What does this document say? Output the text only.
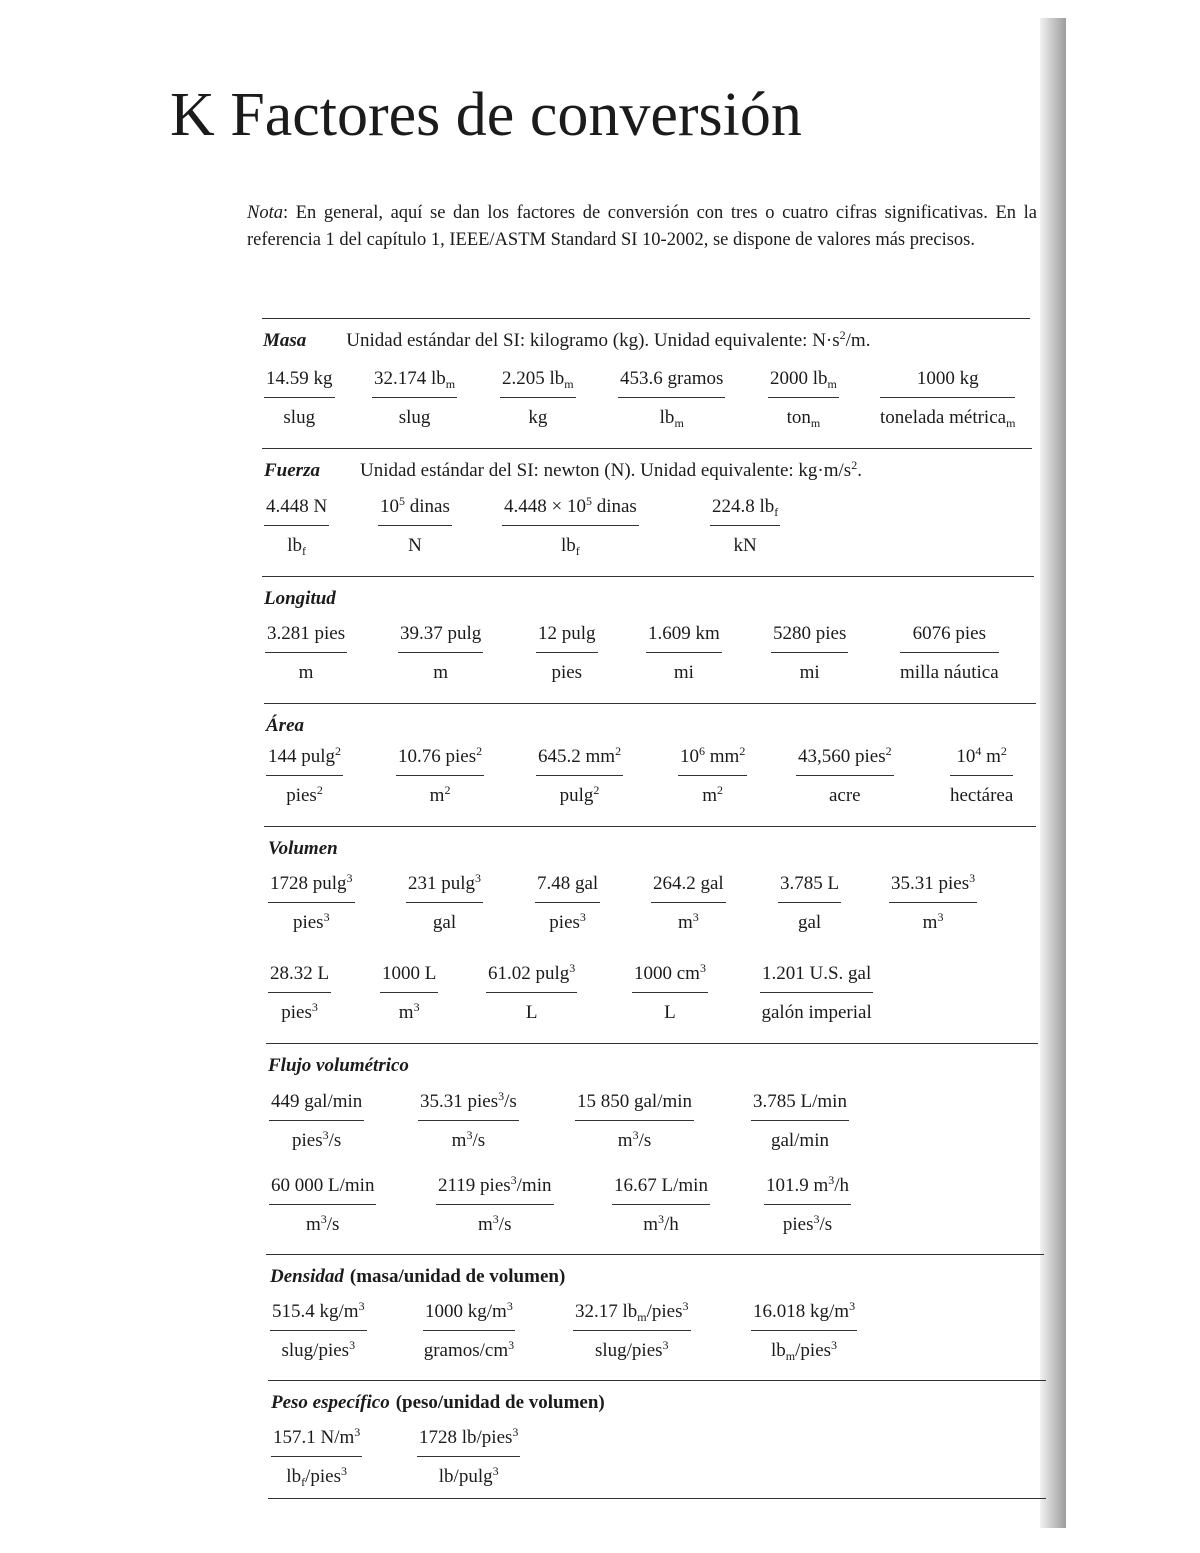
K Factores de conversión
Nota: En general, aquí se dan los factores de conversión con tres o cuatro cifras significativas. En la referencia 1 del capítulo 1, IEEE/ASTM Standard SI 10-2002, se dispone de valores más precisos.
Masa Unidad estándar del SI: kilogramo (kg). Unidad equivalente: $N\cdot s^2/m$.
14.59 kg
slug
32.174 $lb_m$
slug
2.205 $lb_m$
kg
453.6 gramos
$lb_m$
2000 $lb_m$
ton$_m$
1000 kg
tonelada métrica$_m$
Fuerza Unidad estándar del SI: newton (N). Unidad equivalente: $kg\cdot m/s^2$.
4.448 N
$lb_f$
$10^5$ dinas
N
$4.448 \times 10^5$ dinas
$lb_f$
224.8 $lb_f$
kN
Longitud
3.281 pies
m
39.37 pulg
m
12 pulg
pies
1.609 km
mi
5280 pies
mi
6076 pies
milla náutica
Área
144 pulg$^2$
pies$^2$
10.76 pies$^2$
$m^2$
645.2 $mm^2$
pulg$^2$
$10^6$ $mm^2$
$m^2$
43,560 pies$^2$
acre
$10^4$ $m^2$
hectárea
Volumen
1728 pulg$^3$
pies$^3$
231 pulg$^3$
gal
7.48 gal
pies$^3$
264.2 gal
$m^3$
3.785 L
gal
35.31 pies$^3$
$m^3$
28.32 L
pies$^3$
1000 L
$m^3$
61.02 pulg$^3$
L
1000 $cm^3$
L
1.201 U.S. gal
galón imperial
Flujo volumétrico
449 gal/min
pies$^3$/s
35.31 pies$^3$/s
$m^3/s$
15 850 gal/min
$m^3/s$
3.785 L/min
gal/min
60 000 L/min
$m^3/s$
2119 pies$^3$/min
$m^3/s$
16.67 L/min
$m^3/h$
101.9 $m^3/h$
pies$^3$/s
Densidad (masa/unidad de volumen)
515.4 $kg/m^3$
slug/pies$^3$
1000 $kg/m^3$
gramos/$cm^3$
32.17 $lb_m/pies^3$
slug/pies$^3$
16.018 $kg/m^3$
$lb_m/pies^3$
Peso específico (peso/unidad de volumen)
157.1 $N/m^3$
$lb_f/pies^3$
1728 lb/pies$^3$
lb/pulg$^3$
